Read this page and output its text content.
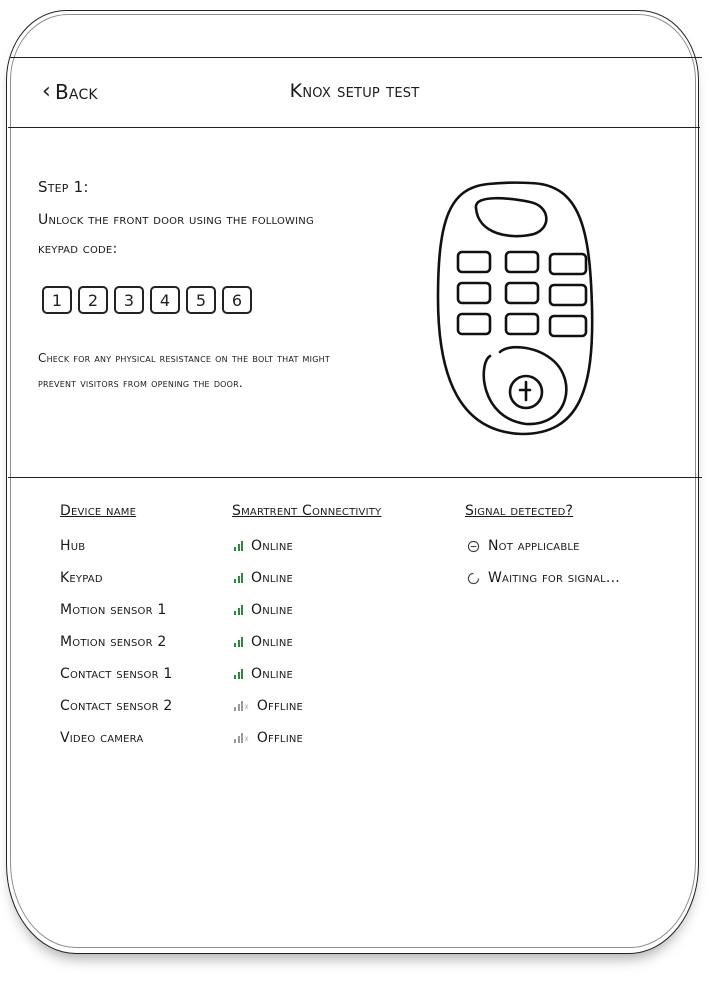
‹ Back	Knox setup test
Step 1:
Unlock the front door using the following keypad code:
1	2	3	4	5	6
Check for any physical resistance on the bolt that might prevent visitors from opening the door.
Device name	Smartrent Connectivity	Signal detected?
Hub	Online	Not applicable
Keypad	Online	Waiting for signal...
Motion sensor 1	Online
Motion sensor 2	Online
Contact sensor 1	Online
Contact sensor 2	x Offline
Video camera	x Offline
